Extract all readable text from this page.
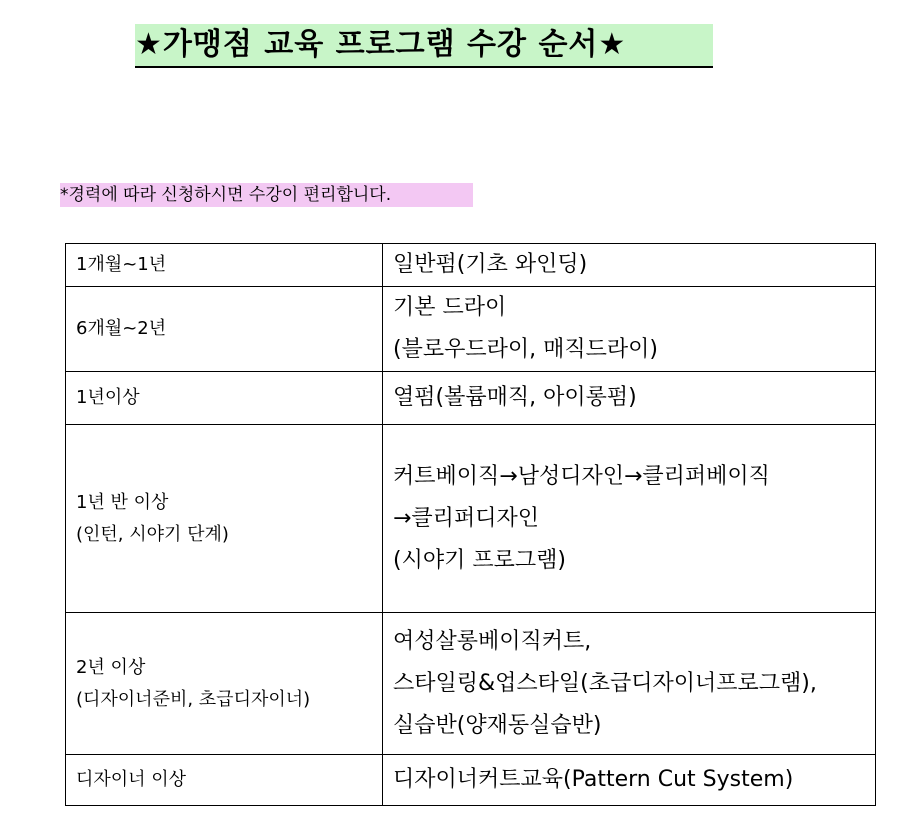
★가맹점 교육 프로그램 수강 순서★
*경력에 따라 신청하시면 수강이 편리합니다.
1개월~1년	일반펌(기초 와인딩)

6개월~2년	기본 드라이
(블로우드라이, 매직드라이)

1년이상	열펌(볼륨매직, 아이롱펌)

1년 반 이상
(인턴, 시야기 단계)	커트베이직→남성디자인→클리퍼베이직
→클리퍼디자인
(시야기 프로그램)

2년 이상
(디자이너준비, 초급디자이너)	여성살롱베이직커트,
스타일링&업스타일(초급디자이너프로그램),
실습반(양재동실습반)

디자이너 이상	디자이너커트교육(Pattern Cut System)
